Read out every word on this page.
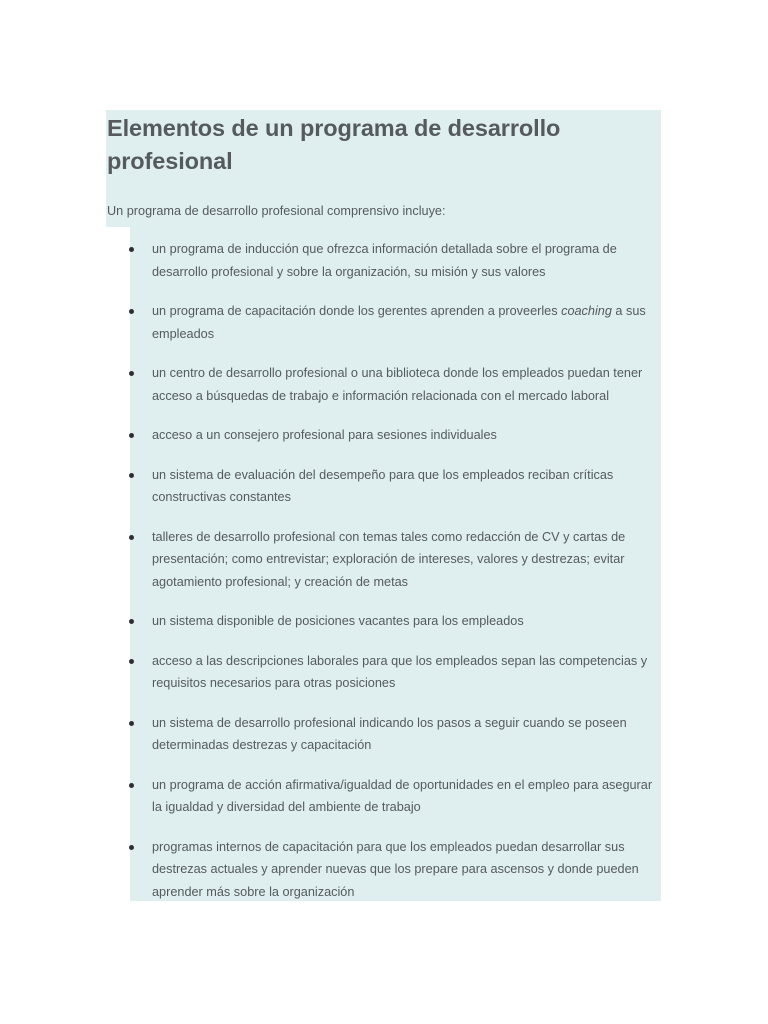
Elementos de un programa de desarrollo profesional

Un programa de desarrollo profesional comprensivo incluye:

un programa de inducción que ofrezca información detallada sobre el programa de desarrollo profesional y sobre la organización, su misión y sus valores
un programa de capacitación donde los gerentes aprenden a proveerles coaching a sus empleados
un centro de desarrollo profesional o una biblioteca donde los empleados puedan tener acceso a búsquedas de trabajo e información relacionada con el mercado laboral
acceso a un consejero profesional para sesiones individuales
un sistema de evaluación del desempeño para que los empleados reciban críticas constructivas constantes
talleres de desarrollo profesional con temas tales como redacción de CV y cartas de presentación; como entrevistar; exploración de intereses, valores y destrezas; evitar agotamiento profesional; y creación de metas
un sistema disponible de posiciones vacantes para los empleados
acceso a las descripciones laborales para que los empleados sepan las competencias y requisitos necesarios para otras posiciones
un sistema de desarrollo profesional indicando los pasos a seguir cuando se poseen determinadas destrezas y capacitación
un programa de acción afirmativa/igualdad de oportunidades en el empleo para asegurar la igualdad y diversidad del ambiente de trabajo
programas internos de capacitación para que los empleados puedan desarrollar sus destrezas actuales y aprender nuevas que los prepare para ascensos y donde pueden aprender más sobre la organización
